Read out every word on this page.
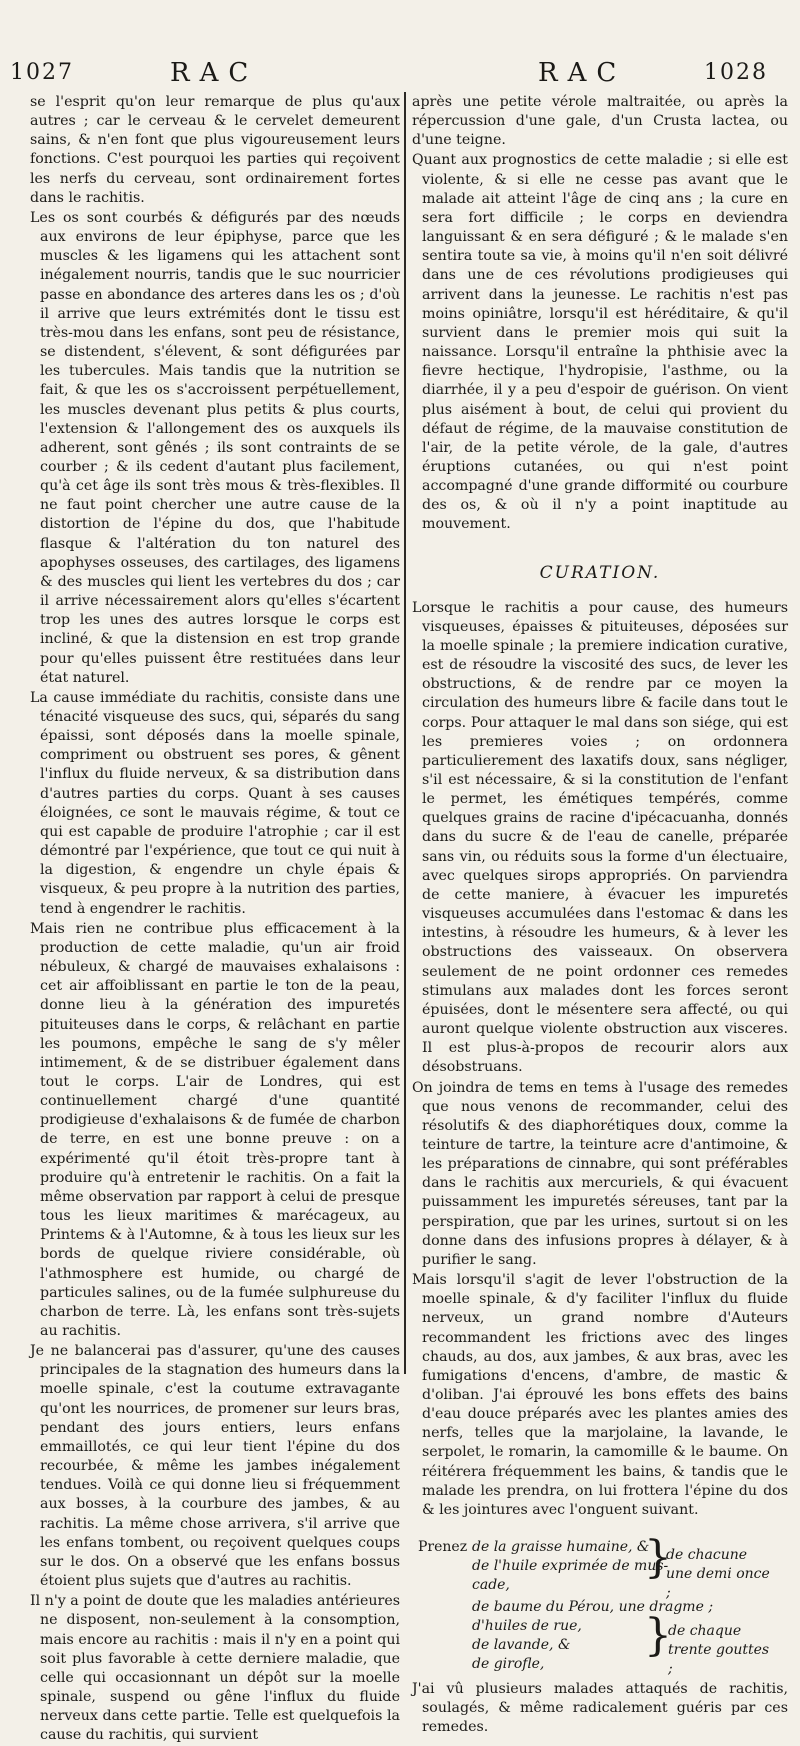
1027	RAC	RAC	1028

se l'esprit qu'on leur remarque de plus qu'aux autres ; car le cerveau & le cervelet demeurent sains, & n'en font que plus vigoureusement leurs fonctions. C'est pourquoi les parties qui reçoivent les nerfs du cerveau, sont ordinairement fortes dans le rachitis.

Les os sont courbés & défigurés par des nœuds aux environs de leur épiphyse, parce que les muscles & les ligamens qui les attachent sont inégalement nourris, tandis que le suc nourricier passe en abondance des arteres dans les os ; d'où il arrive que leurs extrémités dont le tissu est très-mou dans les enfans, sont peu de résistance, se distendent, s'élevent, & sont défigurées par les tubercules. Mais tandis que la nutrition se fait, & que les os s'accroissent perpétuellement, les muscles devenant plus petits & plus courts, l'extension & l'allongement des os auxquels ils adherent, sont gênés ; ils sont contraints de se courber ; & ils cedent d'autant plus facilement, qu'à cet âge ils sont très mous & très-flexibles. Il ne faut point chercher une autre cause de la distortion de l'épine du dos, que l'habitude flasque & l'altération du ton naturel des apophyses osseuses, des cartilages, des ligamens & des muscles qui lient les vertebres du dos ; car il arrive nécessairement alors qu'elles s'écartent trop les unes des autres lorsque le corps est incliné, & que la distension en est trop grande pour qu'elles puissent être restituées dans leur état naturel.

La cause immédiate du rachitis, consiste dans une ténacité visqueuse des sucs, qui, séparés du sang épaissi, sont déposés dans la moelle spinale, compriment ou obstruent ses pores, & gênent l'influx du fluide nerveux, & sa distribution dans d'autres parties du corps. Quant à ses causes éloignées, ce sont le mauvais régime, & tout ce qui est capable de produire l'atrophie ; car il est démontré par l'expérience, que tout ce qui nuit à la digestion, & engendre un chyle épais & visqueux, & peu propre à la nutrition des parties, tend à engendrer le rachitis.

Mais rien ne contribue plus efficacement à la production de cette maladie, qu'un air froid nébuleux, & chargé de mauvaises exhalaisons : cet air affoiblissant en partie le ton de la peau, donne lieu à la génération des impuretés pituiteuses dans le corps, & relâchant en partie les poumons, empêche le sang de s'y mêler intimement, & de se distribuer également dans tout le corps. L'air de Londres, qui est continuellement chargé d'une quantité prodigieuse d'exhalaisons & de fumée de charbon de terre, en est une bonne preuve : on a expérimenté qu'il étoit très-propre tant à produire qu'à entretenir le rachitis. On a fait la même observation par rapport à celui de presque tous les lieux maritimes & marécageux, au Printems & à l'Automne, & à tous les lieux sur les bords de quelque riviere considérable, où l'athmosphere est humide, ou chargé de particules salines, ou de la fumée sulphureuse du charbon de terre. Là, les enfans sont très-sujets au rachitis.

Je ne balancerai pas d'assurer, qu'une des causes principales de la stagnation des humeurs dans la moelle spinale, c'est la coutume extravagante qu'ont les nourrices, de promener sur leurs bras, pendant des jours entiers, leurs enfans emmaillotés, ce qui leur tient l'épine du dos recourbée, & même les jambes inégalement tendues. Voilà ce qui donne lieu si fréquemment aux bosses, à la courbure des jambes, & au rachitis. La même chose arrivera, s'il arrive que les enfans tombent, ou reçoivent quelques coups sur le dos. On a observé que les enfans bossus étoient plus sujets que d'autres au rachitis.

Il n'y a point de doute que les maladies antérieures ne disposent, non-seulement à la consomption, mais encore au rachitis : mais il n'y en a point qui soit plus favorable à cette derniere maladie, que celle qui occasionnant un dépôt sur la moelle spinale, suspend ou gêne l'influx du fluide nerveux dans cette partie. Telle est quelquefois la cause du rachitis, qui survient

après une petite vérole maltraitée, ou après la répercussion d'une gale, d'un Crusta lactea, ou d'une teigne.

Quant aux prognostics de cette maladie ; si elle est violente, & si elle ne cesse pas avant que le malade ait atteint l'âge de cinq ans ; la cure en sera fort difficile ; le corps en deviendra languissant & en sera défiguré ; & le malade s'en sentira toute sa vie, à moins qu'il n'en soit délivré dans une de ces révolutions prodigieuses qui arrivent dans la jeunesse. Le rachitis n'est pas moins opiniâtre, lorsqu'il est héréditaire, & qu'il survient dans le premier mois qui suit la naissance. Lorsqu'il entraîne la phthisie avec la fievre hectique, l'hydropisie, l'asthme, ou la diarrhée, il y a peu d'espoir de guérison. On vient plus aisément à bout, de celui qui provient du défaut de régime, de la mauvaise constitution de l'air, de la petite vérole, de la gale, d'autres éruptions cutanées, ou qui n'est point accompagné d'une grande difformité ou courbure des os, & où il n'y a point inaptitude au mouvement.

CURATION.

Lorsque le rachitis a pour cause, des humeurs visqueuses, épaisses & pituiteuses, déposées sur la moelle spinale ; la premiere indication curative, est de résoudre la viscosité des sucs, de lever les obstructions, & de rendre par ce moyen la circulation des humeurs libre & facile dans tout le corps. Pour attaquer le mal dans son siége, qui est les premieres voies ; on ordonnera particulierement des laxatifs doux, sans négliger, s'il est nécessaire, & si la constitution de l'enfant le permet, les émétiques tempérés, comme quelques grains de racine d'ipécacuanha, donnés dans du sucre & de l'eau de canelle, préparée sans vin, ou réduits sous la forme d'un électuaire, avec quelques sirops appropriés. On parviendra de cette maniere, à évacuer les impuretés visqueuses accumulées dans l'estomac & dans les intestins, à résoudre les humeurs, & à lever les obstructions des vaisseaux. On observera seulement de ne point ordonner ces remedes stimulans aux malades dont les forces seront épuisées, dont le mésentere sera affecté, ou qui auront quelque violente obstruction aux visceres. Il est plus-à-propos de recourir alors aux désobstruans.

On joindra de tems en tems à l'usage des remedes que nous venons de recommander, celui des résolutifs & des diaphorétiques doux, comme la teinture de tartre, la teinture acre d'antimoine, & les préparations de cinnabre, qui sont préférables dans le rachitis aux mercuriels, & qui évacuent puissamment les impuretés séreuses, tant par la perspiration, que par les urines, surtout si on les donne dans des infusions propres à délayer, & à purifier le sang.

Mais lorsqu'il s'agit de lever l'obstruction de la moelle spinale, & d'y faciliter l'influx du fluide nerveux, un grand nombre d'Auteurs recommandent les frictions avec des linges chauds, au dos, aux jambes, & aux bras, avec les fumigations d'encens, d'ambre, de mastic & d'oliban. J'ai éprouvé les bons effets des bains d'eau douce préparés avec les plantes amies des nerfs, telles que la marjolaine, la lavande, le serpolet, le romarin, la camomille & le baume. On réitérera fréquemment les bains, & tandis que le malade les prendra, on lui frottera l'épine du dos & les jointures avec l'onguent suivant.

Prenez de la graisse humaine, &
de l'huile exprimée de mus-
cade,
}
de chacune une demi once ;
de baume du Pérou, une dragme ;
d'huiles de rue,
de lavande, &
de girofle,
}
de chaque trente gouttes ;

J'ai vû plusieurs malades attaqués de rachitis, soulagés, & même radicalement guéris par ces remedes.
